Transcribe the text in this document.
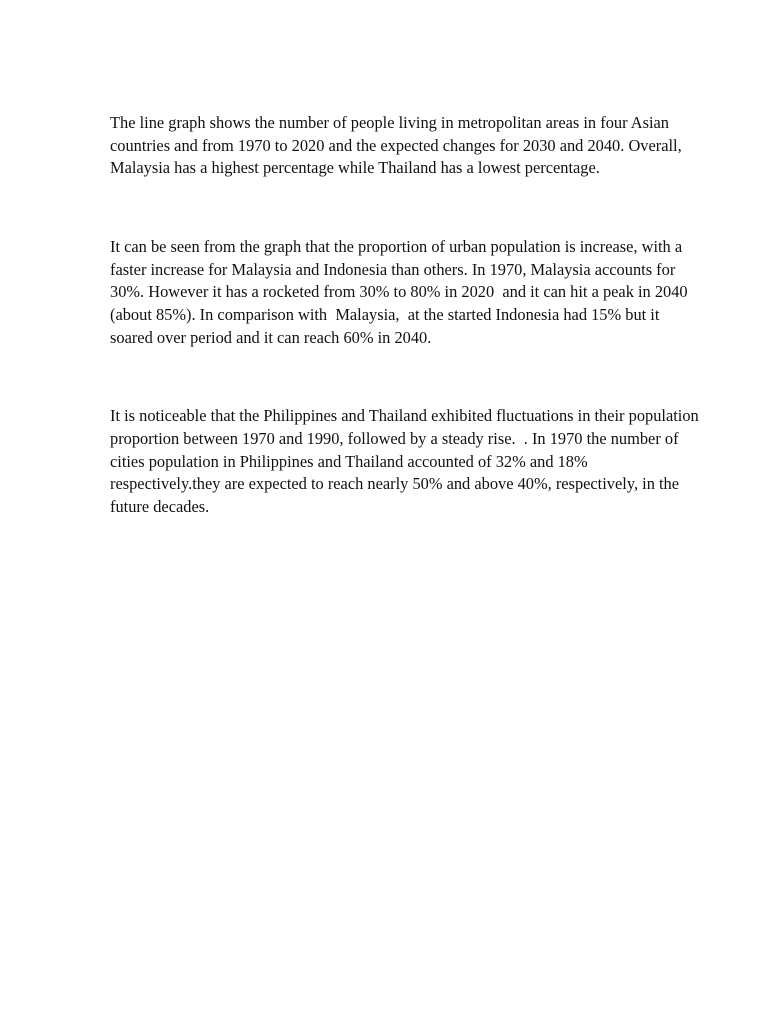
The line graph shows the number of people living in metropolitan areas in four Asian countries and from 1970 to 2020 and the expected changes for 2030 and 2040. Overall, Malaysia has a highest percentage while Thailand has a lowest percentage.

It can be seen from the graph that the proportion of urban population is increase, with a faster increase for Malaysia and Indonesia than others. In 1970, Malaysia accounts for 30%. However it has a rocketed from 30% to 80% in 2020  and it can hit a peak in 2040 (about 85%). In comparison with  Malaysia,  at the started Indonesia had 15% but it soared over period and it can reach 60% in 2040.

It is noticeable that the Philippines and Thailand exhibited fluctuations in their population proportion between 1970 and 1990, followed by a steady rise.  . In 1970 the number of cities population in Philippines and Thailand accounted of 32% and 18% respectively.they are expected to reach nearly 50% and above 40%, respectively, in the future decades.
